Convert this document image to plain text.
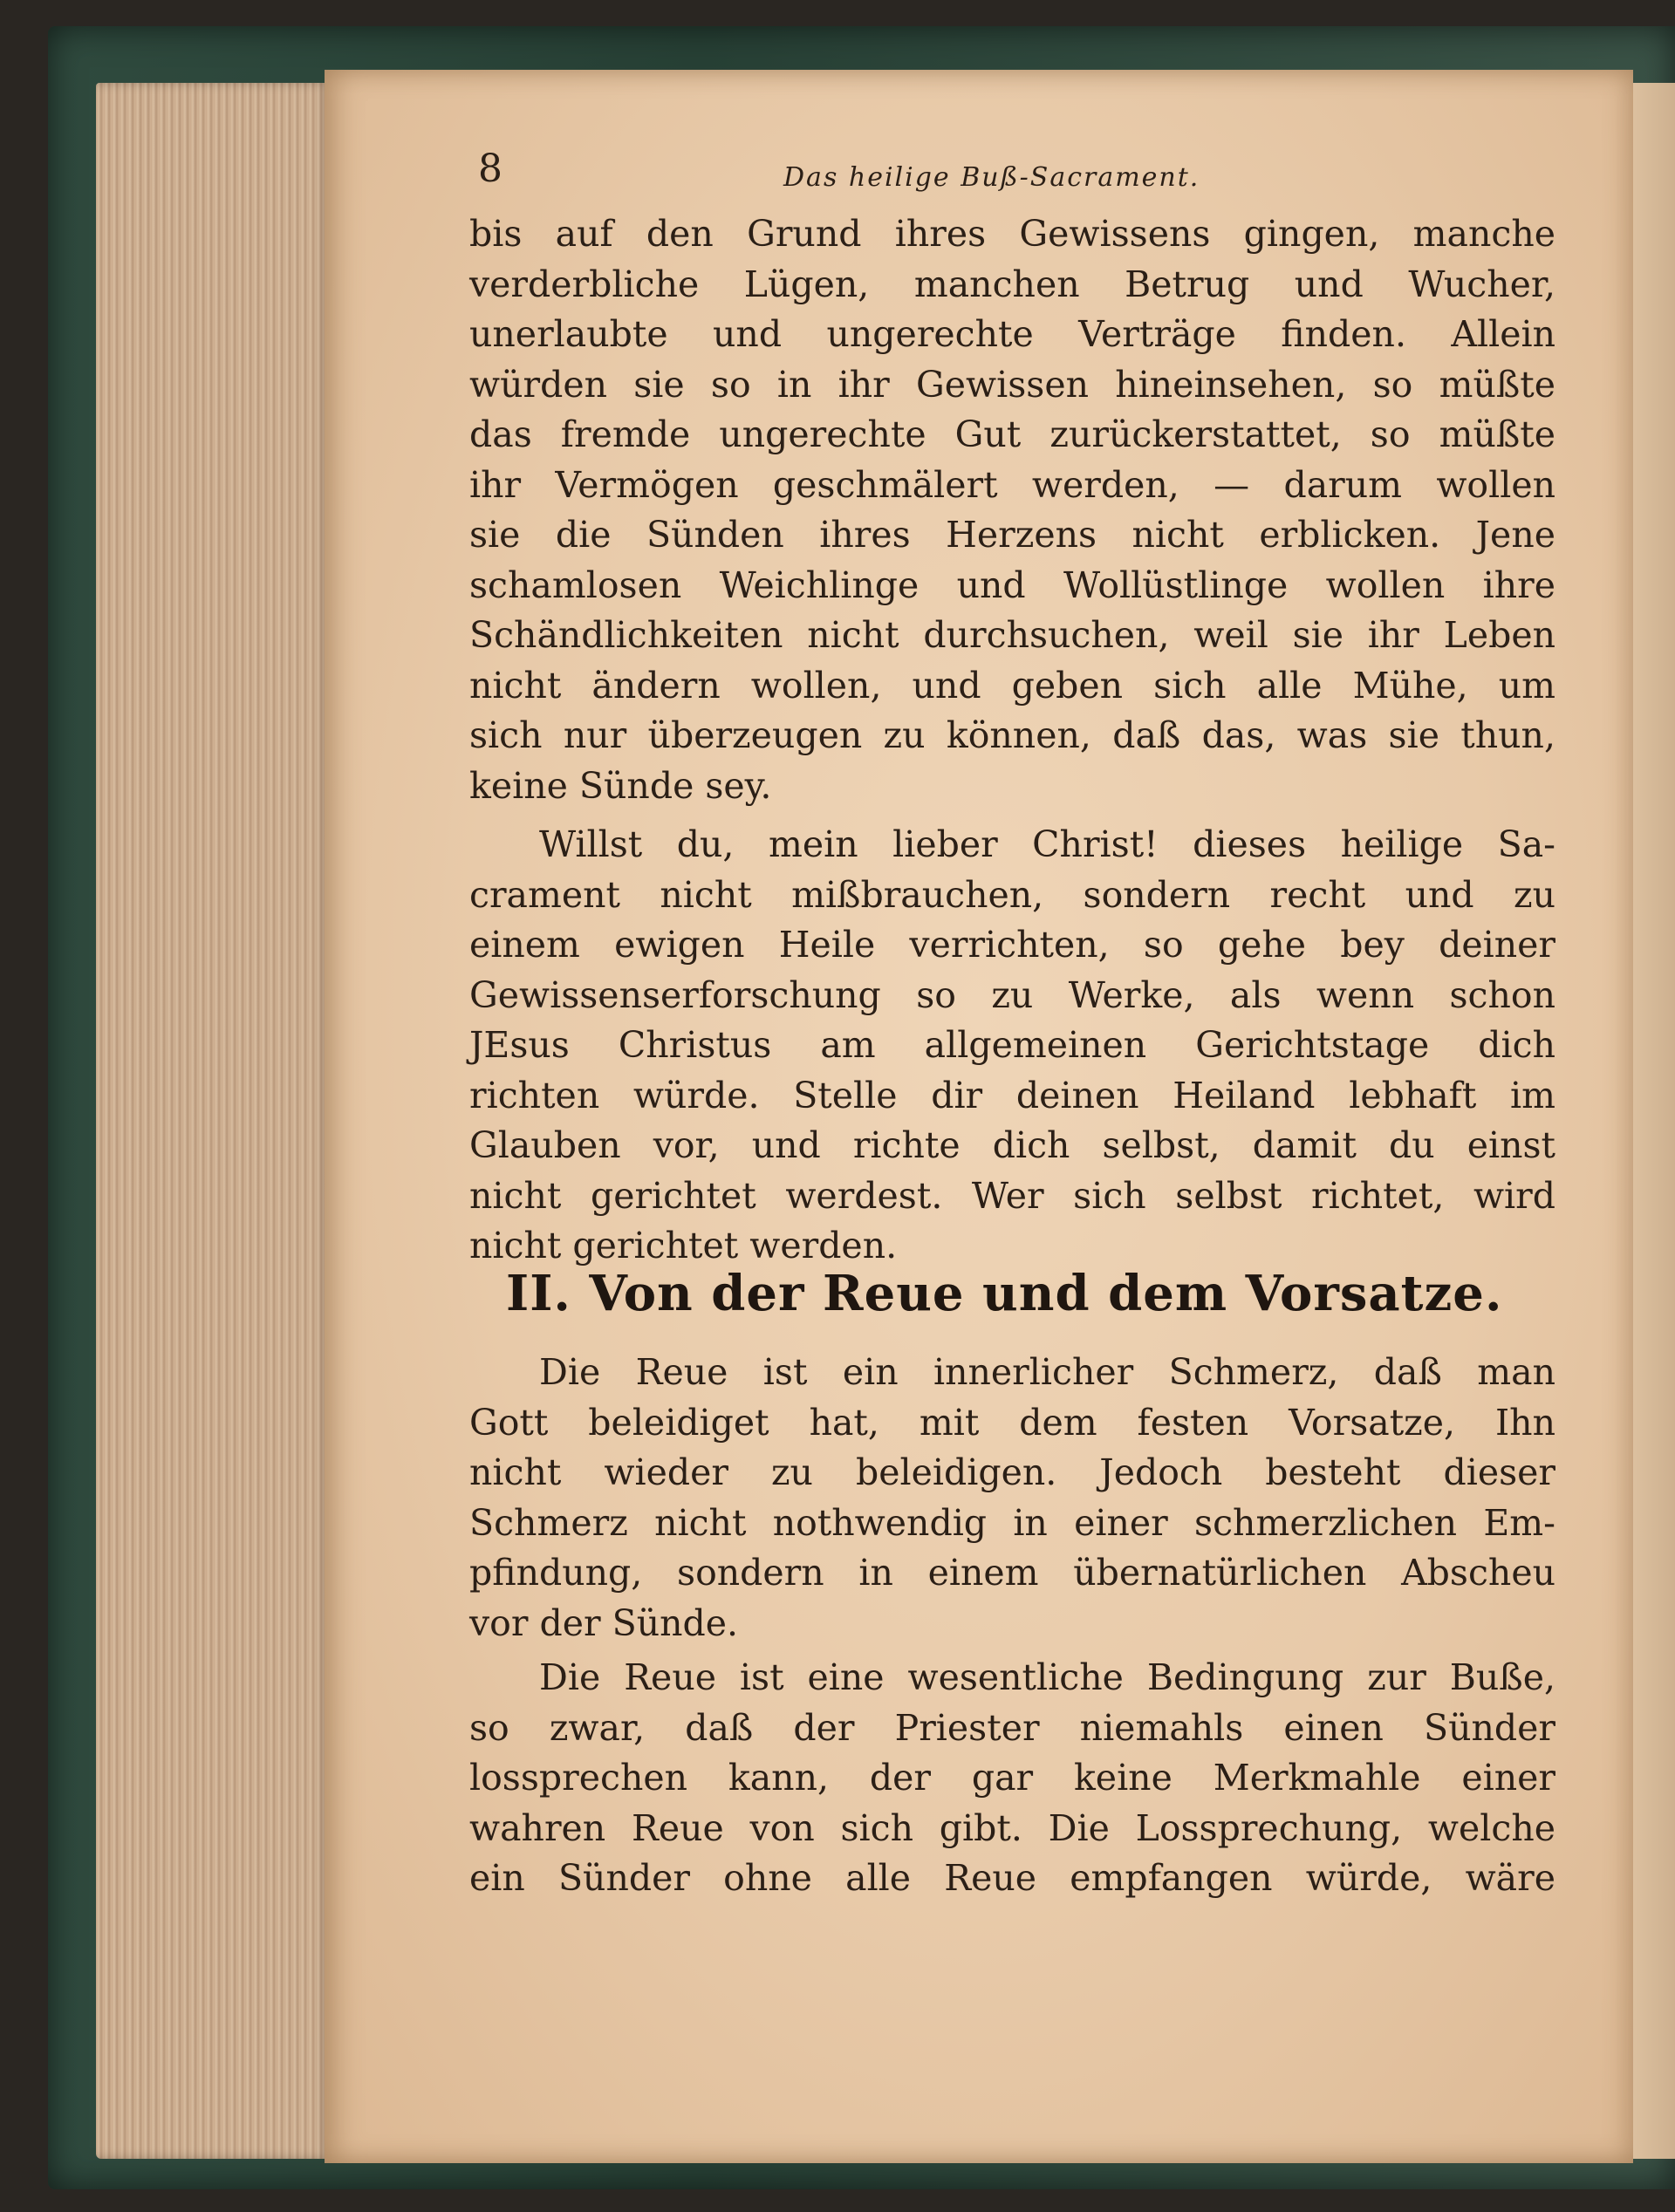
8	Das heilige Buß-Sacrament.
bis auf den Grund ihres Gewissens gingen, manche
verderbliche Lügen, manchen Betrug und Wucher,
unerlaubte und ungerechte Verträge finden. Allein
würden sie so in ihr Gewissen hineinsehen, so müßte
das fremde ungerechte Gut zurückerstattet, so müßte
ihr Vermögen geschmälert werden, — darum wollen
sie die Sünden ihres Herzens nicht erblicken. Jene
schamlosen Weichlinge und Wollüstlinge wollen ihre
Schändlichkeiten nicht durchsuchen, weil sie ihr Leben
nicht ändern wollen, und geben sich alle Mühe, um
sich nur überzeugen zu können, daß das, was sie thun,
keine Sünde sey.
Willst du, mein lieber Christ! dieses heilige Sa-
crament nicht mißbrauchen, sondern recht und zu
einem ewigen Heile verrichten, so gehe bey deiner
Gewissenserforschung so zu Werke, als wenn schon
JEsus Christus am allgemeinen Gerichtstage dich
richten würde. Stelle dir deinen Heiland lebhaft im
Glauben vor, und richte dich selbst, damit du einst
nicht gerichtet werdest. Wer sich selbst richtet, wird
nicht gerichtet werden.
II. Von der Reue und dem Vorsatze.
Die Reue ist ein innerlicher Schmerz, daß man
Gott beleidiget hat, mit dem festen Vorsatze, Ihn
nicht wieder zu beleidigen. Jedoch besteht dieser
Schmerz nicht nothwendig in einer schmerzlichen Em-
pfindung, sondern in einem übernatürlichen Abscheu
vor der Sünde.
Die Reue ist eine wesentliche Bedingung zur Buße,
so zwar, daß der Priester niemahls einen Sünder
lossprechen kann, der gar keine Merkmahle einer
wahren Reue von sich gibt. Die Lossprechung, welche
ein Sünder ohne alle Reue empfangen würde, wäre
